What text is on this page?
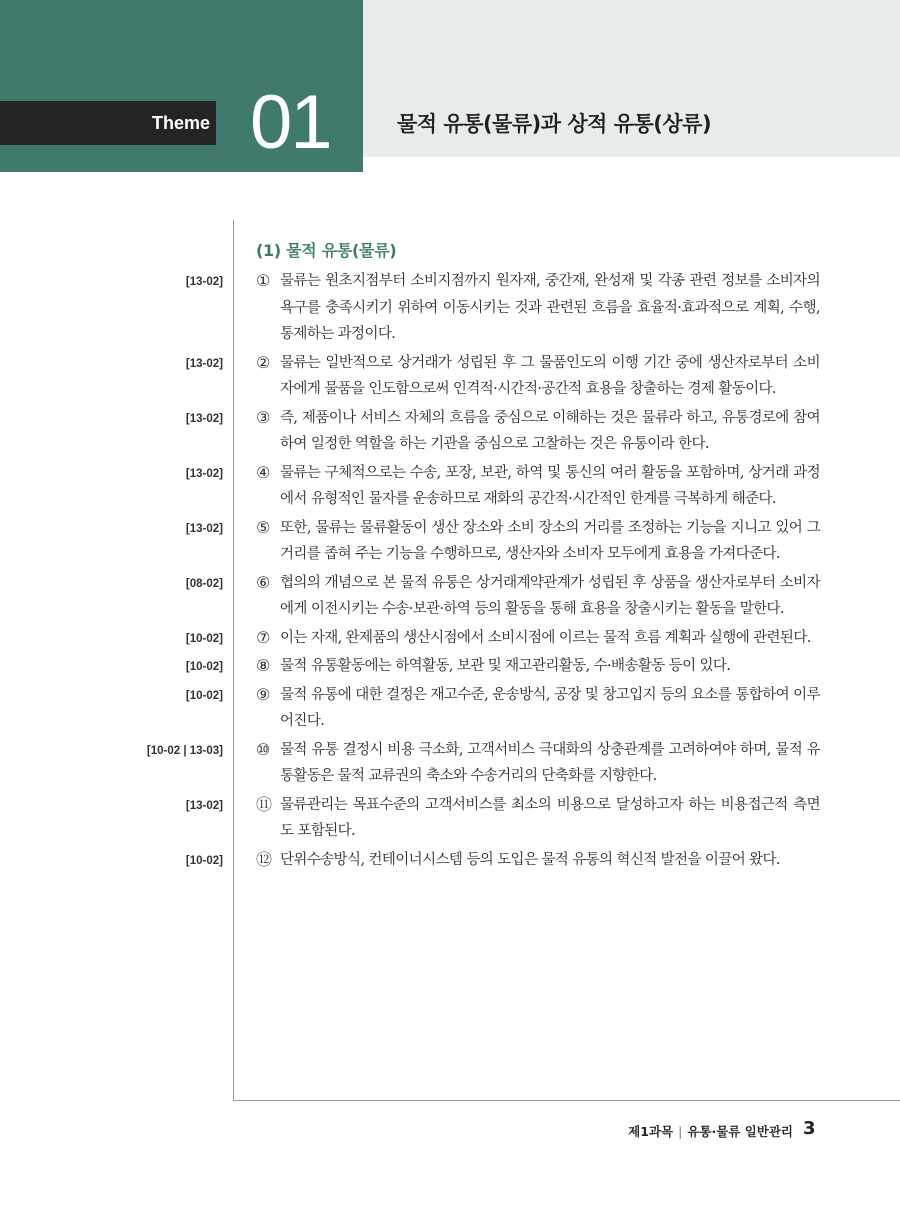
Theme 01	물적 유통(물류)과 상적 유통(상류)
(1) 물적 유통(물류)
[13-02] ① 물류는 원초지점부터 소비지점까지 원자재, 중간재, 완성재 및 각종 관련 정보를 소비자의 욕구를 충족시키기 위하여 이동시키는 것과 관련된 흐름을 효율적·효과적으로 계획, 수행, 통제하는 과정이다.
[13-02] ② 물류는 일반적으로 상거래가 성립된 후 그 물품인도의 이행 기간 중에 생산자로부터 소비자에게 물품을 인도함으로써 인격적·시간적·공간적 효용을 창출하는 경제 활동이다.
[13-02] ③ 즉, 제품이나 서비스 자체의 흐름을 중심으로 이해하는 것은 물류라 하고, 유통경로에 참여하여 일정한 역할을 하는 기관을 중심으로 고찰하는 것은 유통이라 한다.
[13-02] ④ 물류는 구체적으로는 수송, 포장, 보관, 하역 및 통신의 여러 활동을 포함하며, 상거래 과정에서 유형적인 물자를 운송하므로 재화의 공간적·시간적인 한계를 극복하게 해준다.
[13-02] ⑤ 또한, 물류는 물류활동이 생산 장소와 소비 장소의 거리를 조정하는 기능을 지니고 있어 그 거리를 좁혀 주는 기능을 수행하므로, 생산자와 소비자 모두에게 효용을 가져다준다.
[08-02] ⑥ 협의의 개념으로 본 물적 유통은 상거래계약관계가 성립된 후 상품을 생산자로부터 소비자에게 이전시키는 수송·보관·하역 등의 활동을 통해 효용을 창출시키는 활동을 말한다.
[10-02] ⑦ 이는 자재, 완제품의 생산시점에서 소비시점에 이르는 물적 흐름 계획과 실행에 관련된다.
[10-02] ⑧ 물적 유통활동에는 하역활동, 보관 및 재고관리활동, 수·배송활동 등이 있다.
[10-02] ⑨ 물적 유통에 대한 결정은 재고수준, 운송방식, 공장 및 창고입지 등의 요소를 통합하여 이루어진다.
[10-02 | 13-03] ⑩ 물적 유통 결정시 비용 극소화, 고객서비스 극대화의 상충관계를 고려하여야 하며, 물적 유통활동은 물적 교류권의 축소와 수송거리의 단축화를 지향한다.
[13-02] ⑪ 물류관리는 목표수준의 고객서비스를 최소의 비용으로 달성하고자 하는 비용접근적 측면도 포함된다.
[10-02] ⑫ 단위수송방식, 컨테이너시스템 등의 도입은 물적 유통의 혁신적 발전을 이끌어 왔다.
제1과목 | 유통·물류 일반관리 3
